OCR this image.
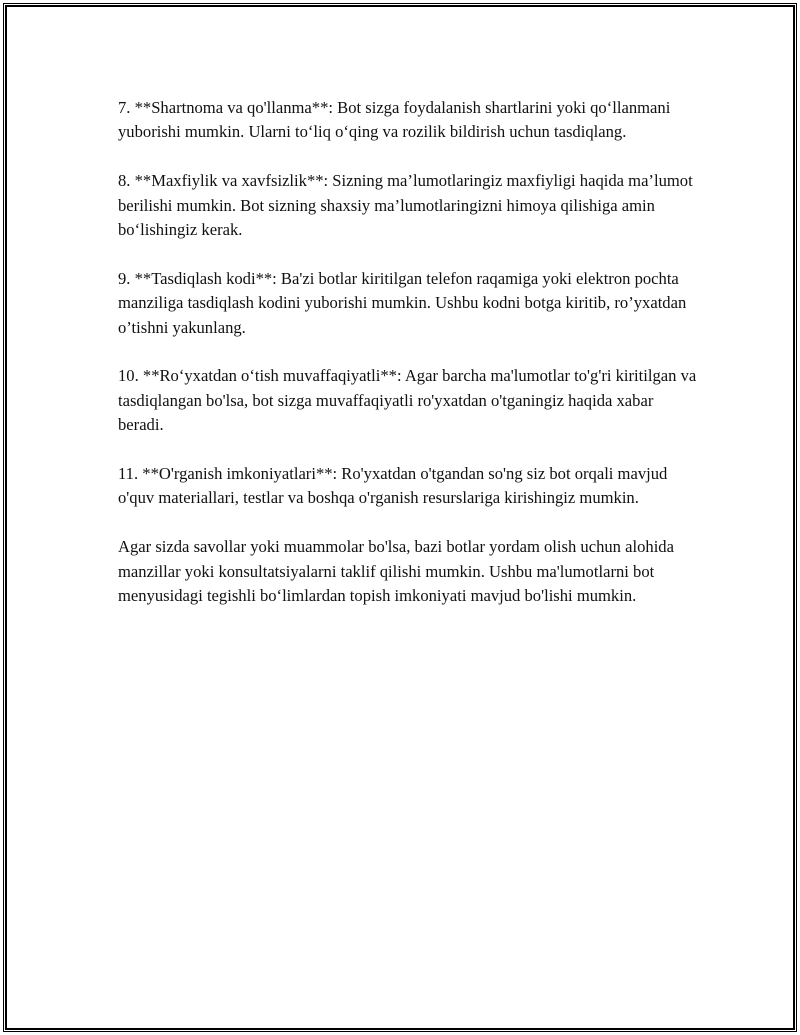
7. **Shartnoma va qo'llanma**: Bot sizga foydalanish shartlarini yoki qo‘llanmani yuborishi mumkin. Ularni to‘liq o‘qing va rozilik bildirish uchun tasdiqlang.

8. **Maxfiylik va xavfsizlik**: Sizning ma’lumotlaringiz maxfiyligi haqida ma’lumot berilishi mumkin. Bot sizning shaxsiy ma’lumotlaringizni himoya qilishiga amin bo‘lishingiz kerak.

9. **Tasdiqlash kodi**: Ba'zi botlar kiritilgan telefon raqamiga yoki elektron pochta manziliga tasdiqlash kodini yuborishi mumkin. Ushbu kodni botga kiritib, ro’yxatdan o’tishni yakunlang.

10. **Ro‘yxatdan o‘tish muvaffaqiyatli**: Agar barcha ma'lumotlar to'g'ri kiritilgan va tasdiqlangan bo'lsa, bot sizga muvaffaqiyatli ro'yxatdan o'tganingiz haqida xabar beradi.

11. **O'rganish imkoniyatlari**: Ro'yxatdan o'tgandan so'ng siz bot orqali mavjud o'quv materiallari, testlar va boshqa o'rganish resurslariga kirishingiz mumkin.

Agar sizda savollar yoki muammolar bo'lsa, bazi botlar yordam olish uchun alohida manzillar yoki konsultatsiyalarni taklif qilishi mumkin. Ushbu ma'lumotlarni bot menyusidagi tegishli bo‘limlardan topish imkoniyati mavjud bo'lishi mumkin.
